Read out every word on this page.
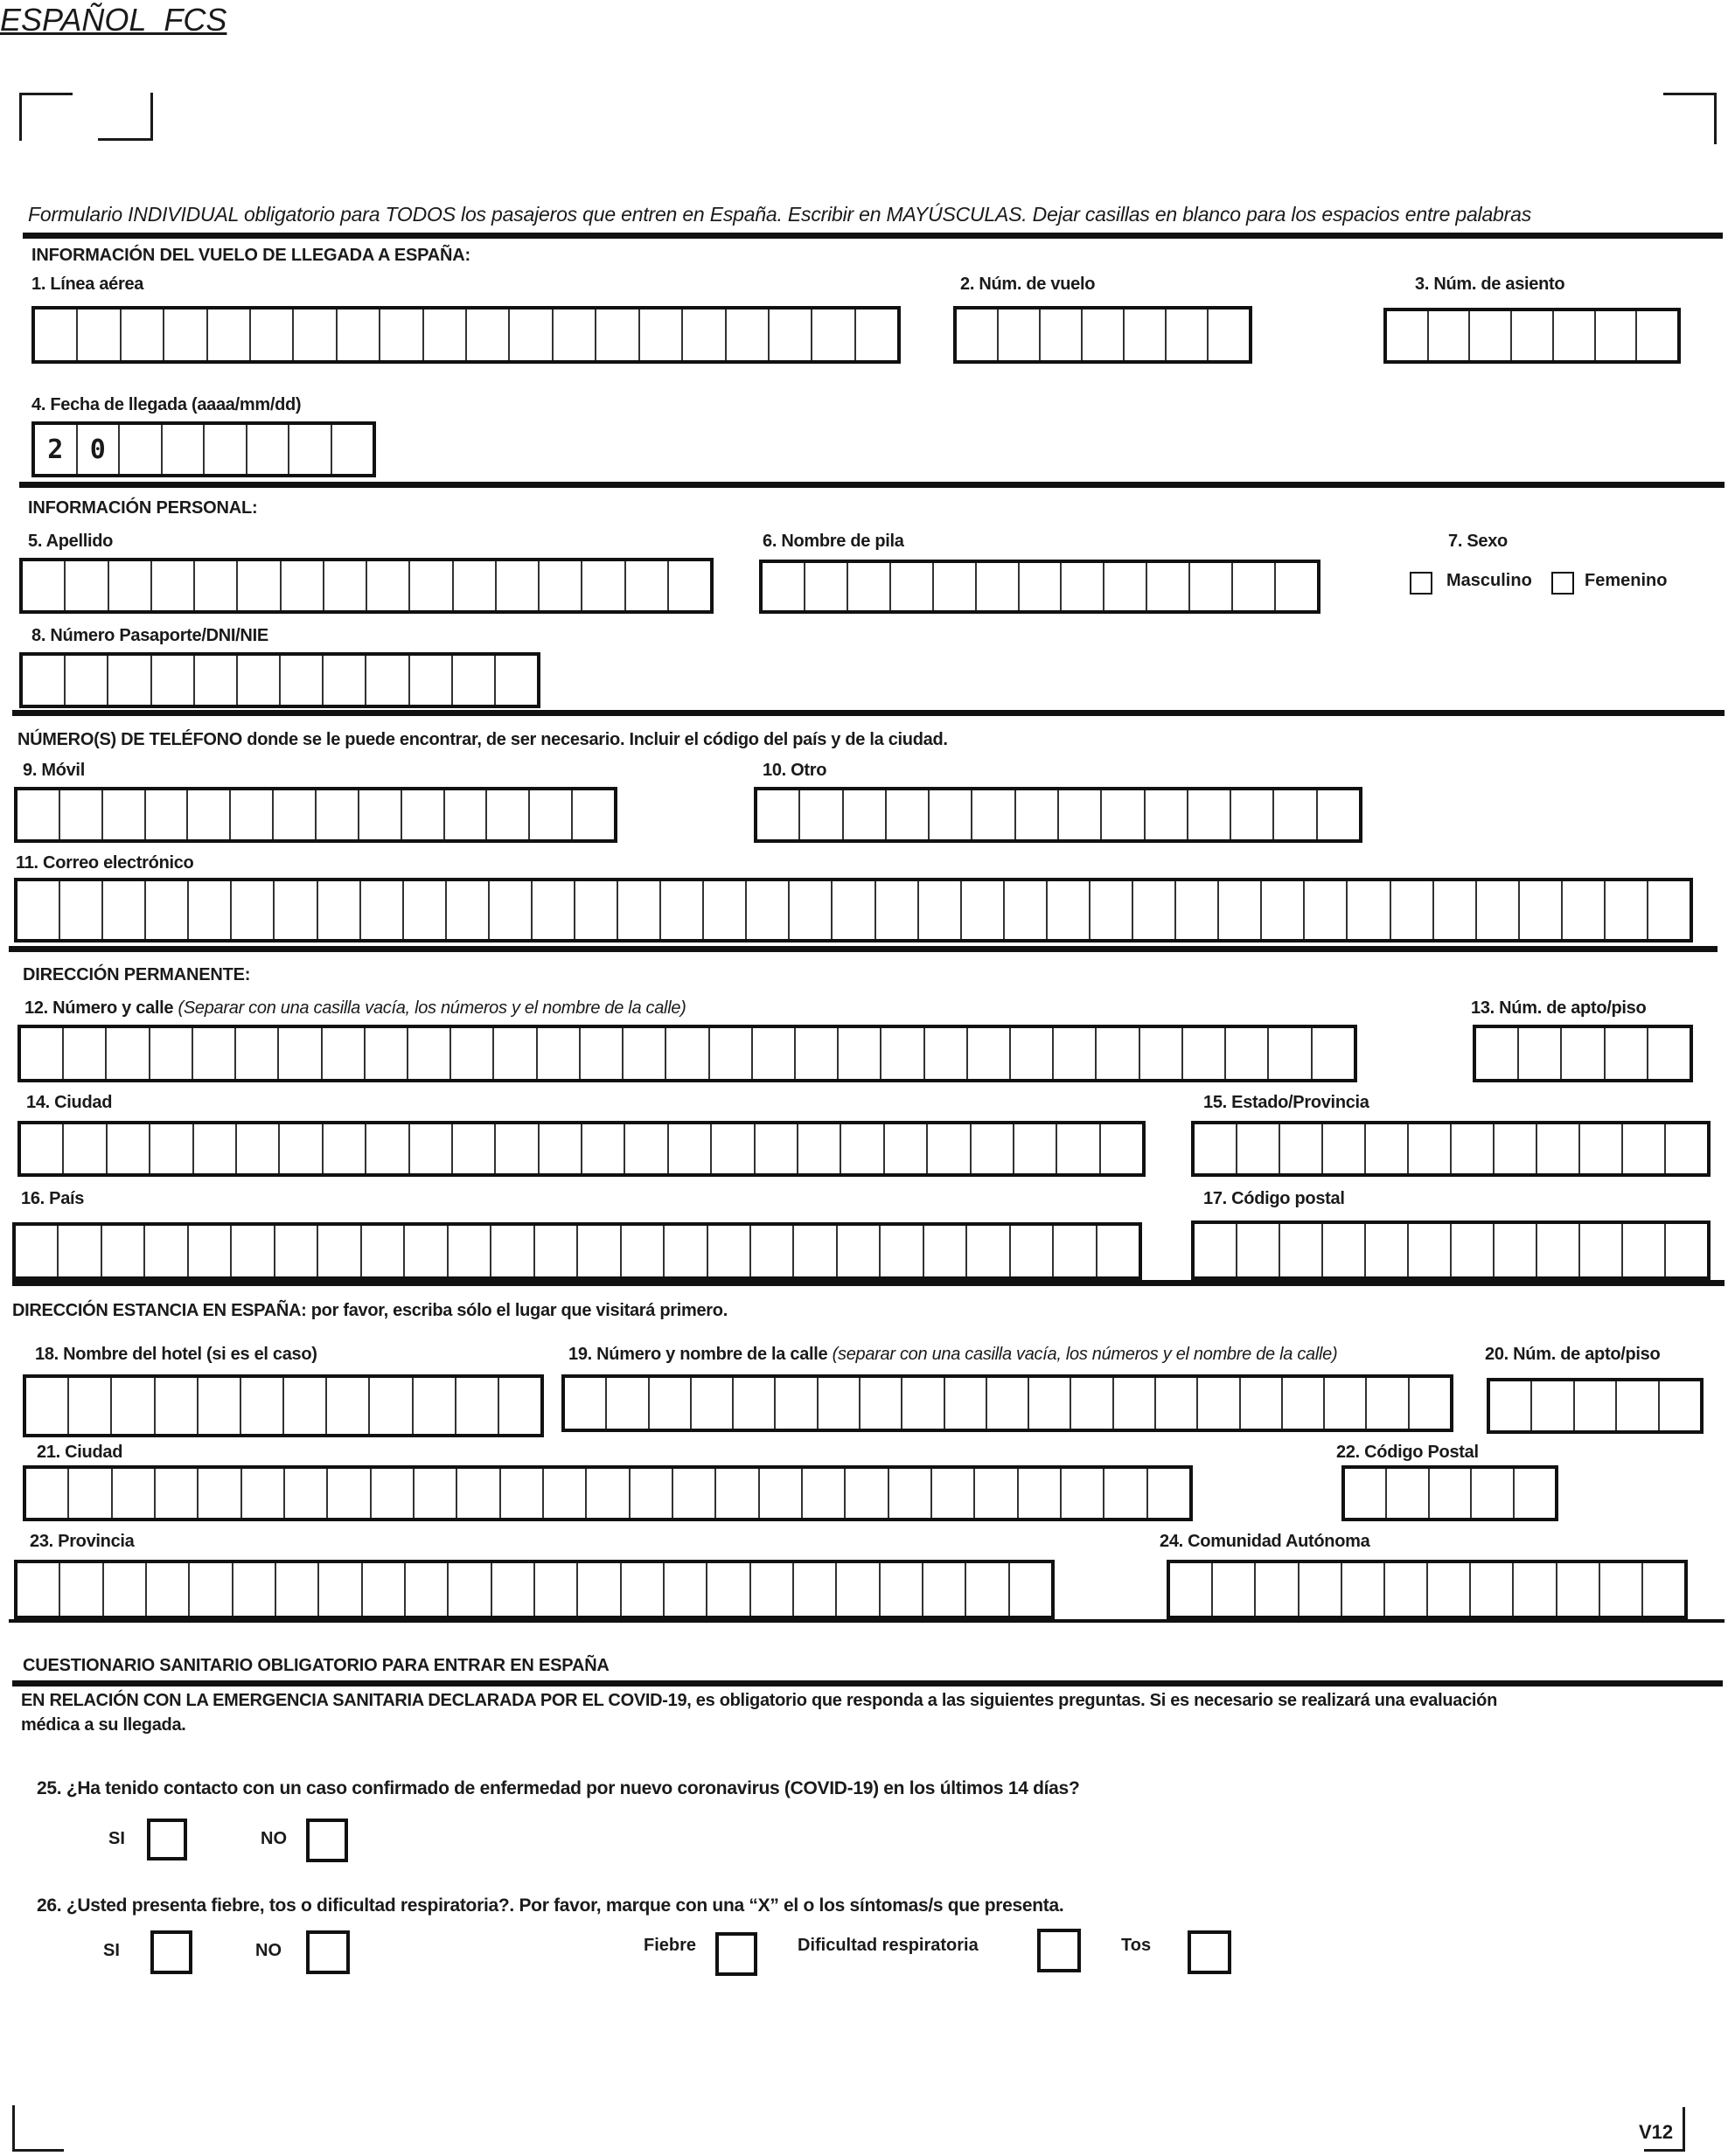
ESPAÑOL_FCS
Formulario INDIVIDUAL obligatorio para TODOS los pasajeros que entren en España. Escribir en MAYÚSCULAS. Dejar casillas en blanco para los espacios entre palabras
INFORMACIÓN DEL VUELO DE LLEGADA A ESPAÑA:
1. Línea aérea	2. Núm. de vuelo	3. Núm. de asiento
4. Fecha de llegada (aaaa/mm/dd)
2	0
INFORMACIÓN PERSONAL:
5. Apellido	6. Nombre de pila	7. Sexo
Masculino	Femenino
8. Número Pasaporte/DNI/NIE
NÚMERO(S) DE TELÉFONO donde se le puede encontrar, de ser necesario. Incluir el código del país y de la ciudad.
9. Móvil	10. Otro
11. Correo electrónico
DIRECCIÓN PERMANENTE:
12. Número y calle (Separar con una casilla vacía, los números y el nombre de la calle)	13. Núm. de apto/piso
14. Ciudad	15. Estado/Provincia
16. País	17. Código postal
DIRECCIÓN ESTANCIA EN ESPAÑA: por favor, escriba sólo el lugar que visitará primero.
18. Nombre del hotel (si es el caso)	19. Número y nombre de la calle (separar con una casilla vacía, los números y el nombre de la calle)	20. Núm. de apto/piso
21. Ciudad	22. Código Postal
23. Provincia	24. Comunidad Autónoma
CUESTIONARIO SANITARIO OBLIGATORIO PARA ENTRAR EN ESPAÑA
EN RELACIÓN CON LA EMERGENCIA SANITARIA DECLARADA POR EL COVID-19, es obligatorio que responda a las siguientes preguntas. Si es necesario se realizará una evaluación
médica a su llegada.
25. ¿Ha tenido contacto con un caso confirmado de enfermedad por nuevo coronavirus (COVID-19) en los últimos 14 días?
SI	NO
26. ¿Usted presenta fiebre, tos o dificultad respiratoria?. Por favor, marque con una “X” el o los síntomas/s que presenta.
SI	NO	Fiebre	Dificultad respiratoria	Tos
V12
